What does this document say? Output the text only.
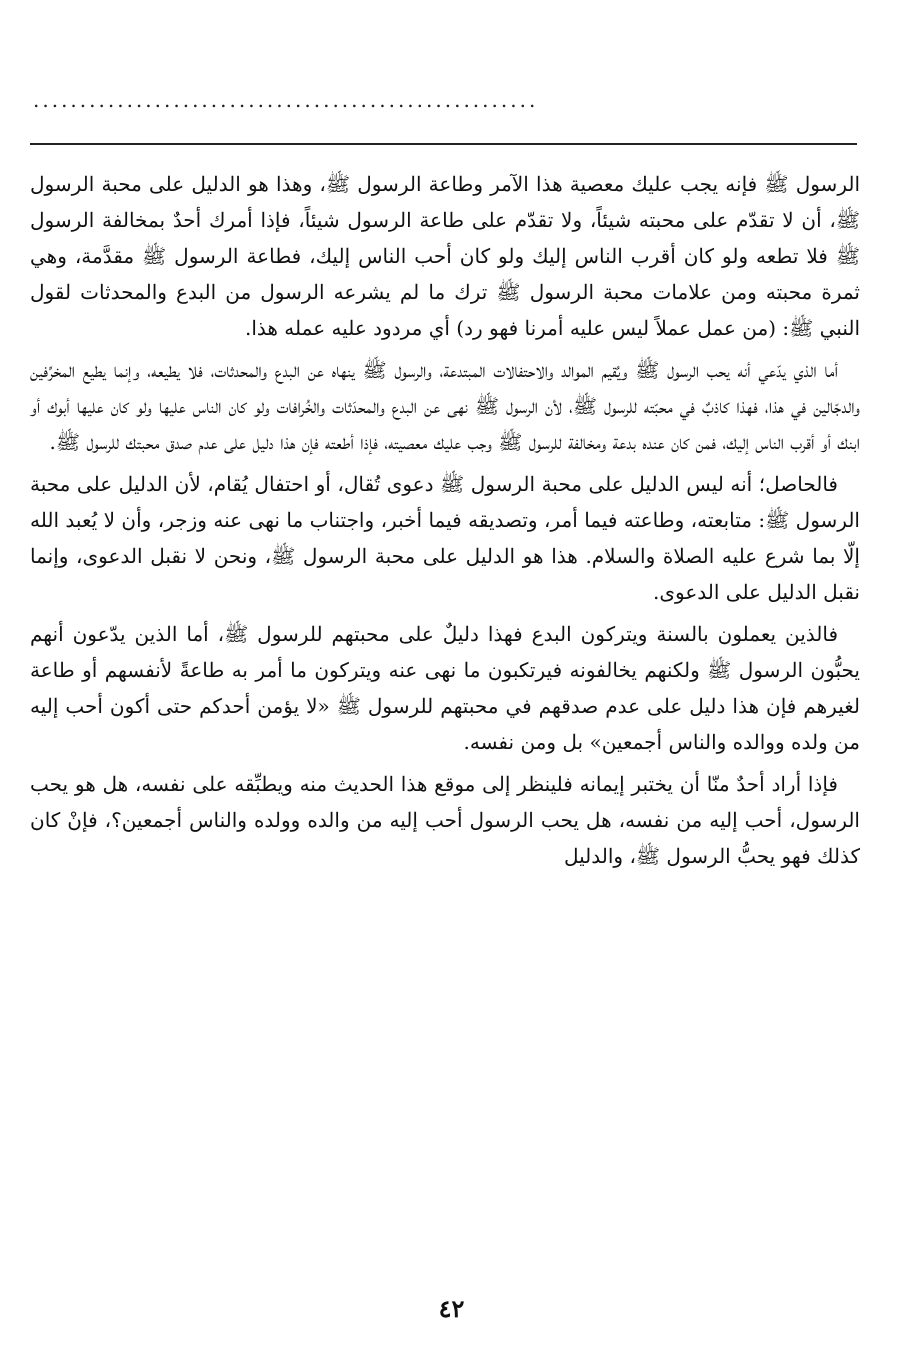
......................................................

الرسول ﷺ فإنه يجب عليك معصية هذا الآمر وطاعة الرسول ﷺ، وهذا هو الدليل على محبة الرسول ﷺ، أن لا تقدّم على محبته شيئاً، ولا تقدّم على طاعة الرسول شيئاً، فإذا أمرك أحدٌ بمخالفة الرسول ﷺ فلا تطعه ولو كان أقرب الناس إليك ولو كان أحب الناس إليك، فطاعة الرسول ﷺ مقدَّمة، وهي ثمرة محبته ومن علامات محبة الرسول ﷺ ترك ما لم يشرعه الرسول من البدع والمحدثات لقول النبي ﷺ: (من عمل عملاً ليس عليه أمرنا فهو رد) أي مردود عليه عمله هذا.

أما الذي يدّعي أنه يحب الرسول ﷺ ويُقيم الموالد والاحتفالات المبتدعة، والرسول ﷺ ينهاه عن البدع والمحدثات، فلا يطيعه، وإنما يطيع المخرِّفين والدجّالين في هذا، فهذا كاذبٌ في محبّته للرسول ﷺ، لأن الرسول ﷺ نهى عن البدع والمحدَثات والخُرافات ولو كان الناس عليها ولو كان عليها أبوك أو ابنك أو أقرب الناس إليك، فمن كان عنده بدعة ومخالفة للرسول ﷺ وجب عليك معصيته، فإذا أطعته فإن هذا دليل على عدم صدق محبتك للرسول ﷺ.

فالحاصل؛ أنه ليس الدليل على محبة الرسول ﷺ دعوى تُقال، أو احتفال يُقام، لأن الدليل على محبة الرسول ﷺ: متابعته، وطاعته فيما أمر، وتصديقه فيما أخبر، واجتناب ما نهى عنه وزجر، وأن لا يُعبد الله إلّا بما شرع عليه الصلاة والسلام. هذا هو الدليل على محبة الرسول ﷺ، ونحن لا نقبل الدعوى، وإنما نقبل الدليل على الدعوى.

فالذين يعملون بالسنة ويتركون البدع فهذا دليلٌ على محبتهم للرسول ﷺ، أما الذين يدّعون أنهم يحبُّون الرسول ﷺ ولكنهم يخالفونه فيرتكبون ما نهى عنه ويتركون ما أمر به طاعةً لأنفسهم أو طاعة لغيرهم فإن هذا دليل على عدم صدقهم في محبتهم للرسول ﷺ «لا يؤمن أحدكم حتى أكون أحب إليه من ولده ووالده والناس أجمعين» بل ومن نفسه.

فإذا أراد أحدٌ منّا أن يختبر إيمانه فلينظر إلى موقع هذا الحديث منه ويطبِّقه على نفسه، هل هو يحب الرسول، أحب إليه من نفسه، هل يحب الرسول أحب إليه من والده وولده والناس أجمعين؟، فإنْ كان كذلك فهو يحبُّ الرسول ﷺ، والدليل

٤٢
